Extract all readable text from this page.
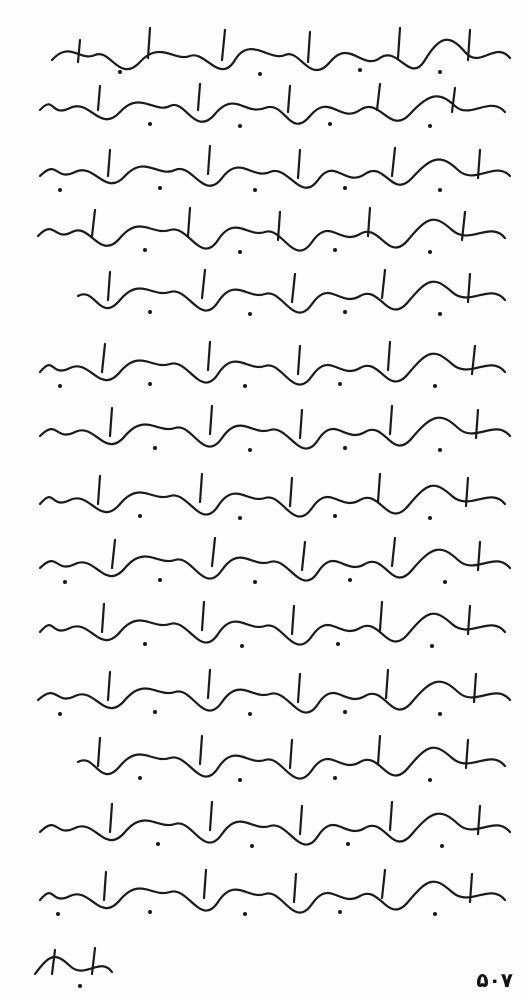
۵۰۷
